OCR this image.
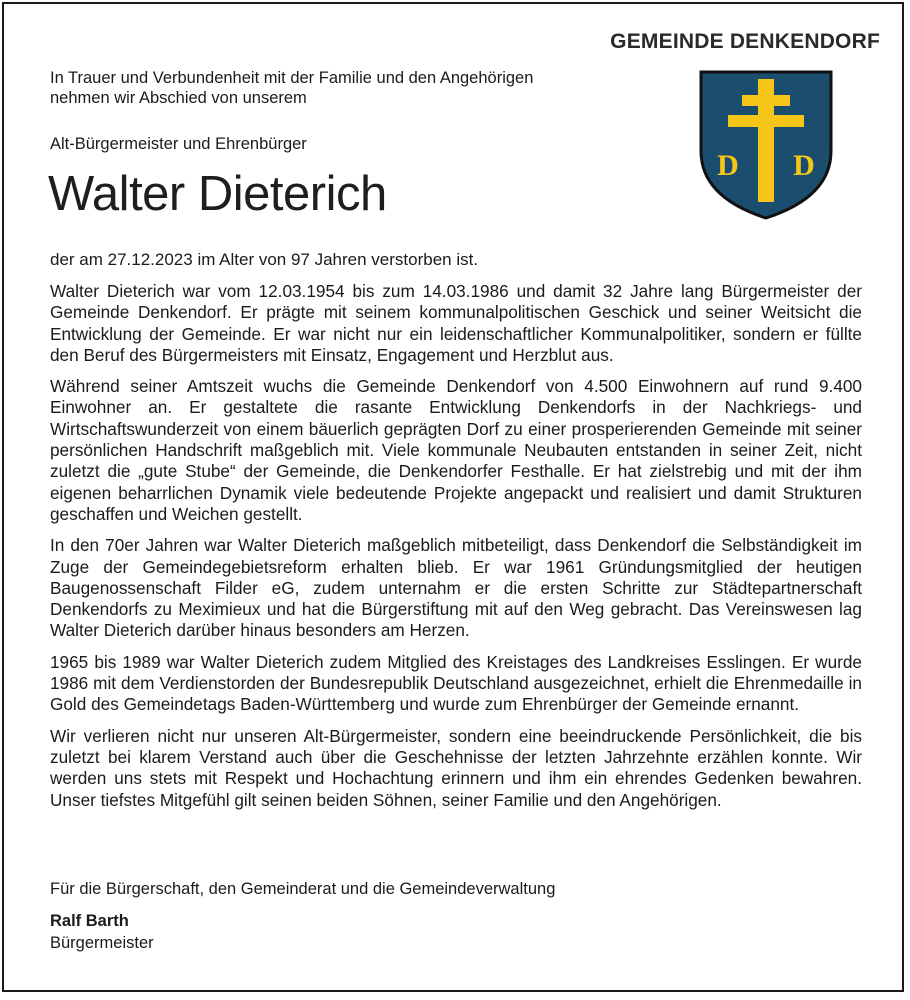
GEMEINDE DENKENDORF
D D
In Trauer und Verbundenheit mit der Familie und den Angehörigen
nehmen wir Abschied von unserem
Alt-Bürgermeister und Ehrenbürger
Walter Dieterich
der am 27.12.2023 im Alter von 97 Jahren verstorben ist.

Walter Dieterich war vom 12.03.1954 bis zum 14.03.1986 und damit 32 Jahre lang Bürgermeister der Gemeinde Denkendorf. Er prägte mit seinem kommunalpolitischen Geschick und seiner Weitsicht die Entwicklung der Gemeinde. Er war nicht nur ein leidenschaftlicher Kommunalpolitiker, sondern er füllte den Beruf des Bürgermeisters mit Einsatz, Engagement und Herzblut aus.

Während seiner Amtszeit wuchs die Gemeinde Denkendorf von 4.500 Einwohnern auf rund 9.400 Einwohner an. Er gestaltete die rasante Entwicklung Denkendorfs in der Nachkriegs- und Wirtschaftswunderzeit von einem bäuerlich geprägten Dorf zu einer prosperierenden Gemeinde mit seiner persönlichen Handschrift maßgeblich mit. Viele kommunale Neubauten entstanden in seiner Zeit, nicht zuletzt die „gute Stube“ der Gemeinde, die Denkendorfer Festhalle. Er hat zielstrebig und mit der ihm eigenen beharrlichen Dynamik viele bedeutende Projekte angepackt und realisiert und damit Strukturen geschaffen und Weichen gestellt.

In den 70er Jahren war Walter Dieterich maßgeblich mitbeteiligt, dass Denkendorf die Selbständigkeit im Zuge der Gemeindegebietsreform erhalten blieb. Er war 1961 Gründungsmitglied der heutigen Baugenossenschaft Filder eG, zudem unternahm er die ersten Schritte zur Städtepartnerschaft Denkendorfs zu Meximieux und hat die Bürgerstiftung mit auf den Weg gebracht. Das Vereinswesen lag Walter Dieterich darüber hinaus besonders am Herzen.

1965 bis 1989 war Walter Dieterich zudem Mitglied des Kreistages des Landkreises Esslingen. Er wurde 1986 mit dem Verdienstorden der Bundesrepublik Deutschland ausgezeichnet, erhielt die Ehrenmedaille in Gold des Gemeindetags Baden-Württemberg und wurde zum Ehrenbürger der Gemeinde ernannt.

Wir verlieren nicht nur unseren Alt-Bürgermeister, sondern eine beeindruckende Persönlichkeit, die bis zuletzt bei klarem Verstand auch über die Geschehnisse der letzten Jahrzehnte erzählen konnte. Wir werden uns stets mit Respekt und Hochachtung erinnern und ihm ein ehrendes Gedenken bewahren. Unser tiefstes Mitgefühl gilt seinen beiden Söhnen, seiner Familie und den Angehörigen.

Für die Bürgerschaft, den Gemeinderat und die Gemeindeverwaltung
Ralf Barth
Bürgermeister
